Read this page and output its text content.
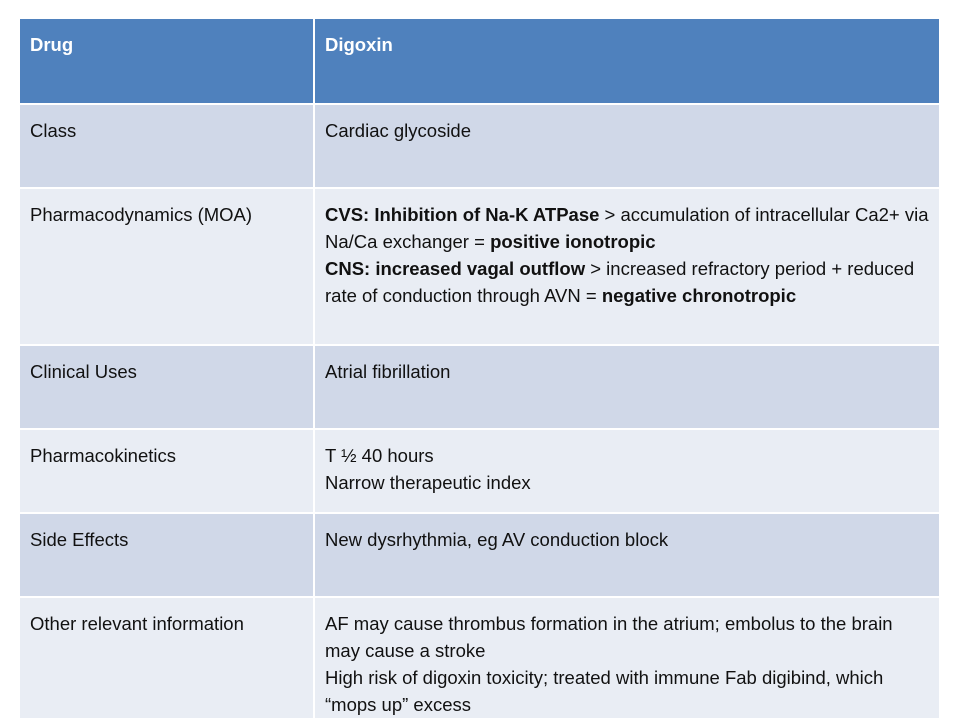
Drug	Digoxin
Class	Cardiac glycoside
Pharmacodynamics (MOA)	CVS: Inhibition of Na-K ATPase > accumulation of intracellular Ca2+ via Na/Ca exchanger = positive ionotropic
CNS: increased vagal outflow > increased refractory period + reduced rate of conduction through AVN = negative chronotropic

Clinical Uses	Atrial fibrillation
Pharmacokinetics	T ½ 40 hours
Narrow therapeutic index

Side Effects	New dysrhythmia, eg AV conduction block
Other relevant information	AF may cause thrombus formation in the atrium; embolus to the brain may cause a stroke
High risk of digoxin toxicity; treated with immune Fab digibind, which “mops up” excess
